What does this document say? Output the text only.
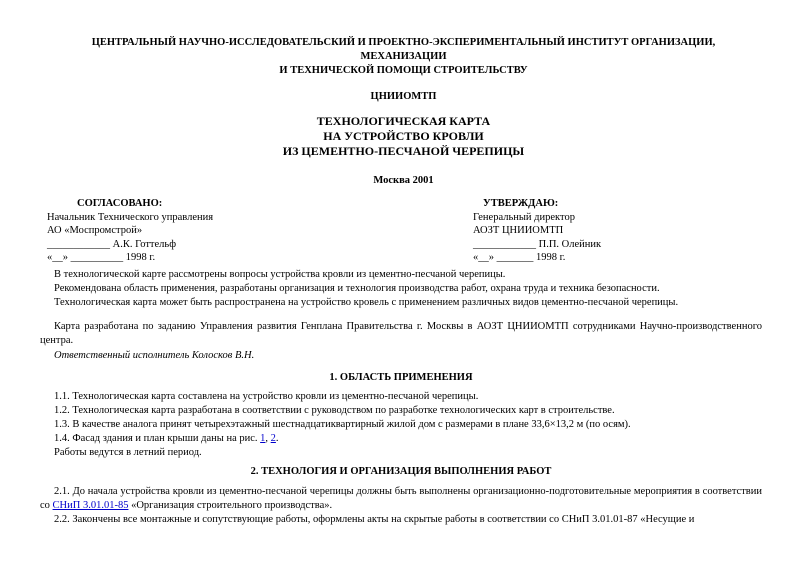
ЦЕНТРАЛЬНЫЙ НАУЧНО-ИССЛЕДОВАТЕЛЬСКИЙ И ПРОЕКТНО-ЭКСПЕРИМЕНТАЛЬНЫЙ ИНСТИТУТ ОРГАНИЗАЦИИ,
МЕХАНИЗАЦИИ
И ТЕХНИЧЕСКОЙ ПОМОЩИ СТРОИТЕЛЬСТВУ
ЦНИИОМТП
ТЕХНОЛОГИЧЕСКАЯ КАРТА
НА УСТРОЙСТВО КРОВЛИ
ИЗ ЦЕМЕНТНО-ПЕСЧАНОЙ ЧЕРЕПИЦЫ
Москва 2001
СОГЛАСОВАНО:
Начальник Технического управления
АО «Моспромстрой»
____________ А.К. Готтельф
«__» __________ 1998 г.
УТВЕРЖДАЮ:
Генеральный директор
АОЗТ ЦНИИОМТП
____________ П.П. Олейник
«__» _______ 1998 г.

В технологической карте рассмотрены вопросы устройства кровли из цементно-песчаной черепицы.

Рекомендована область применения, разработаны организация и технология производства работ, охрана труда и техника безопасности.

Технологическая карта может быть распространена на устройство кровель с применением различных видов цементно-песчаной черепицы.

Карта разработана по заданию Управления развития Генплана Правительства г. Москвы в АОЗТ ЦНИИОМТП сотрудниками Научно-производственного центра.

Ответственный исполнитель Колосков В.Н.

1. ОБЛАСТЬ ПРИМЕНЕНИЯ

1.1. Технологическая карта составлена на устройство кровли из цементно-песчаной черепицы.

1.2. Технологическая карта разработана в соответствии с руководством по разработке технологических карт в строительстве.

1.3. В качестве аналога принят четырехэтажный шестнадцатиквартирный жилой дом с размерами в плане 33,6×13,2 м (по осям).

1.4. Фасад здания и план крыши даны на рис. 1, 2.

Работы ведутся в летний период.

2. ТЕХНОЛОГИЯ И ОРГАНИЗАЦИЯ ВЫПОЛНЕНИЯ РАБОТ

2.1. До начала устройства кровли из цементно-песчаной черепицы должны быть выполнены организационно-подготовительные мероприятия в соответствии со СНиП 3.01.01-85 «Организация строительного производства».

2.2. Закончены все монтажные и сопутствующие работы, оформлены акты на скрытые работы в соответствии со СНиП 3.01.01-87 «Несущие и
